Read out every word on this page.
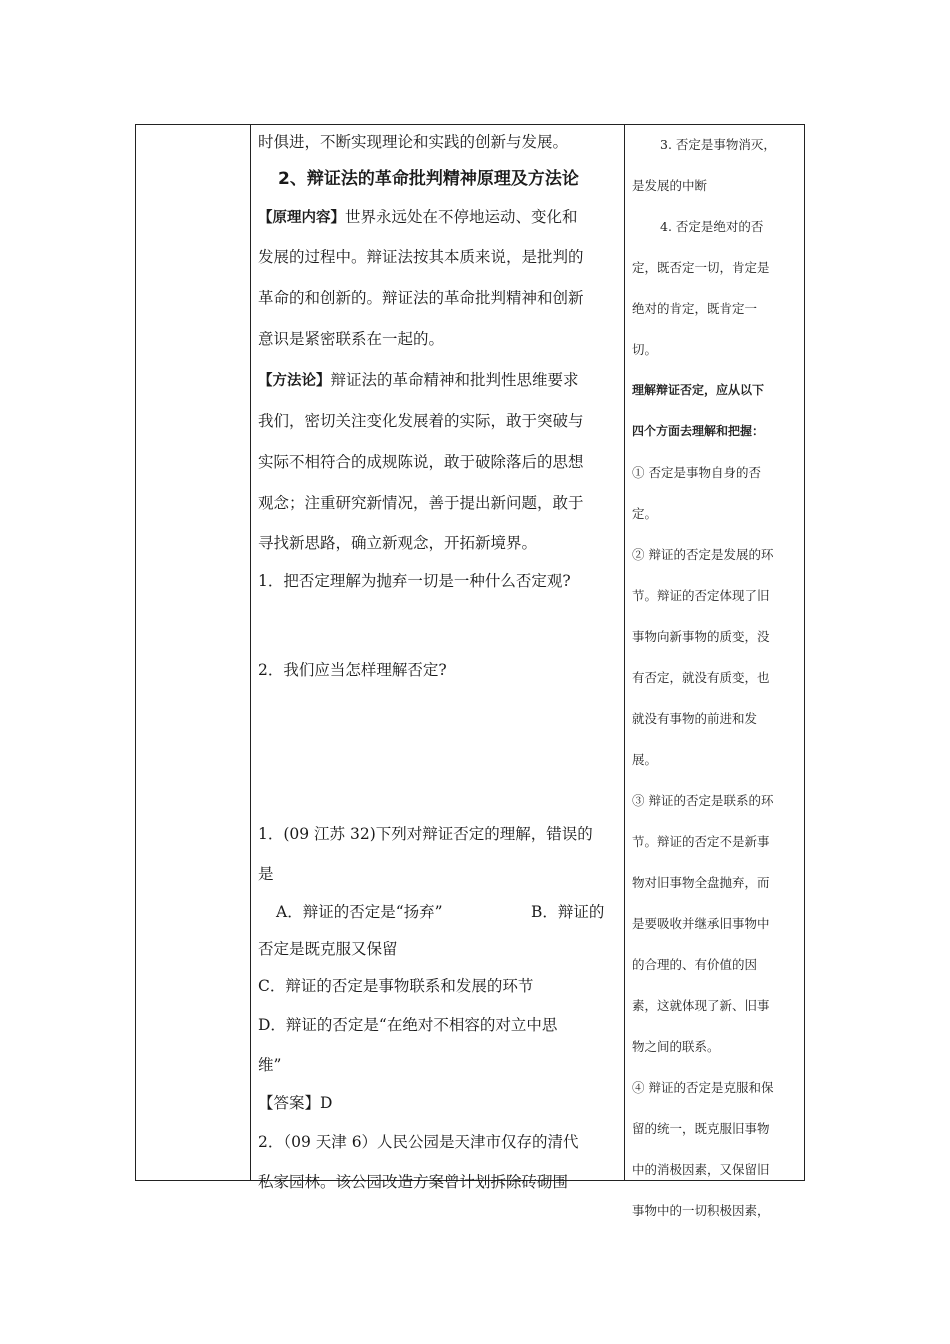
时俱进，不断实现理论和实践的创新与发展。
2、辩证法的革命批判精神原理及方法论
【原理内容】世界永远处在不停地运动、变化和
发展的过程中。辩证法按其本质来说，是批判的
革命的和创新的。辩证法的革命批判精神和创新
意识是紧密联系在一起的。
【方法论】辩证法的革命精神和批判性思维要求
我们，密切关注变化发展着的实际，敢于突破与
实际不相符合的成规陈说，敢于破除落后的思想
观念；注重研究新情况，善于提出新问题，敢于
寻找新思路，确立新观念，开拓新境界。
1．把否定理解为抛弃一切是一种什么否定观?
2．我们应当怎样理解否定?
1．(09 江苏 32)下列对辩证否定的理解，错误的
是
A．辩证的否定是“扬弃”	B．辩证的
否定是既克服又保留
C．辩证的否定是事物联系和发展的环节
D．辩证的否定是“在绝对不相容的对立中思
维”
【答案】D
2．（09 天津 6）人民公园是天津市仅存的清代
私家园林。该公园改造方案曾计划拆除砖砌围
3. 否定是事物消灭，
是发展的中断
4. 否定是绝对的否
定，既否定一切，肯定是
绝对的肯定，既肯定一
切。
理解辩证否定，应从以下
四个方面去理解和把握：
① 否定是事物自身的否
定。
② 辩证的否定是发展的环
节。辩证的否定体现了旧
事物向新事物的质变，没
有否定，就没有质变，也
就没有事物的前进和发
展。
③ 辩证的否定是联系的环
节。辩证的否定不是新事
物对旧事物全盘抛弃，而
是要吸收并继承旧事物中
的合理的、有价值的因
素，这就体现了新、旧事
物之间的联系。
④ 辩证的否定是克服和保
留的统一，既克服旧事物
中的消极因素，又保留旧
事物中的一切积极因素，
